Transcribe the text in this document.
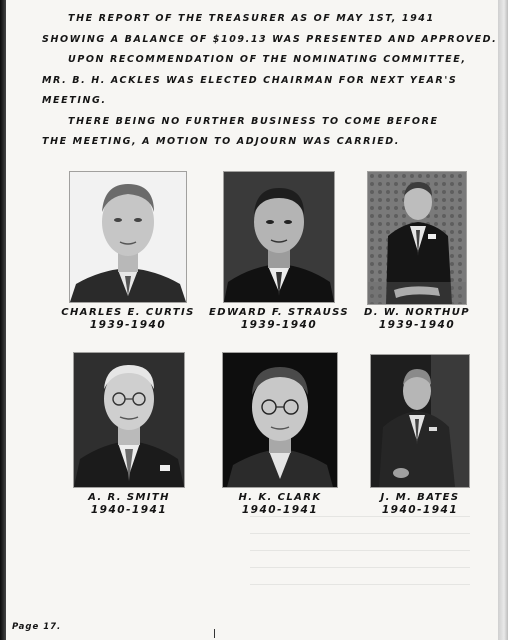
THE REPORT OF THE TREASURER AS OF MAY 1ST, 1941

SHOWING A BALANCE OF $109.13 WAS PRESENTED AND APPROVED.

UPON RECOMMENDATION OF THE NOMINATING COMMITTEE,

MR. B. H. ACKLES WAS ELECTED CHAIRMAN FOR NEXT YEAR'S

MEETING.

THERE BEING NO FURTHER BUSINESS TO COME BEFORE

THE MEETING, A MOTION TO ADJOURN WAS CARRIED.

CHARLES E. CURTIS
1939-1940
EDWARD F. STRAUSS
1939-1940
D. W. NORTHUP
1939-1940
A. R. SMITH
1940-1941
H. K. CLARK
1940-1941
J. M. BATES
1940-1941
Page 17.
